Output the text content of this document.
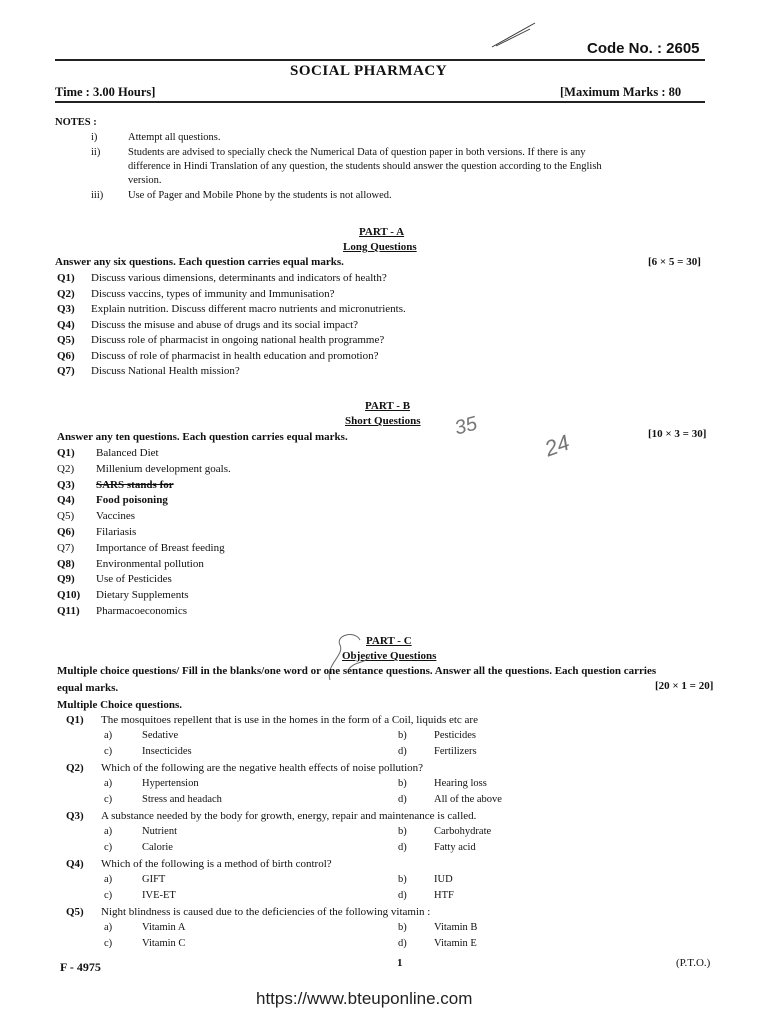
Code No. : 2605
SOCIAL PHARMACY
Time : 3.00 Hours]	[Maximum Marks : 80
NOTES :
i)	Attempt all questions.
ii)	Students are advised to specially check the Numerical Data of question paper in both versions. If there is any
difference in Hindi Translation of any question, the students should answer the question according to the English
version.
iii) Use of Pager and Mobile Phone by the students is not allowed.
PART - A
Long Questions
Answer any six questions. Each question carries equal marks.	[6 × 5 = 30]
Q1) Discuss various dimensions, determinants and indicators of health?
Q2) Discuss vaccins, types of immunity and Immunisation?
Q3) Explain nutrition. Discuss different macro nutrients and micronutrients.
Q4) Discuss the misuse and abuse of drugs and its social impact?
Q5) Discuss role of pharmacist in ongoing national health programme?
Q6) Discuss of role of pharmacist in health education and promotion?
Q7) Discuss National Health mission?
PART - B
Short Questions
Answer any ten questions. Each question carries equal marks.	[10 × 3 = 30]
35
24
Q1) Balanced Diet
Q2) Millenium development goals.
Q3) SARS stands for
Q4) Food poisoning
Q5) Vaccines
Q6) Filariasis
Q7) Importance of Breast feeding
Q8) Environmental pollution
Q9) Use of Pesticides
Q10) Dietary Supplements
Q11) Pharmacoeconomics
PART - C
Objective Questions
Multiple choice questions/ Fill in the blanks/one word or one sentance questions. Answer all the questions. Each question carries
equal marks.	[20 × 1 = 20]
Multiple Choice questions.
Q1) The mosquitoes repellent that is use in the homes in the form of a Coil, liquids etc are
a)	Sedative	b)	Pesticides
c)	Insecticides	d)	Fertilizers
Q2) Which of the following are the negative health effects of noise pollution?
a)	Hypertension	b)	Hearing loss
c)	Stress and headach	d)	All of the above
Q3) A substance needed by the body for growth, energy, repair and maintenance is called.
a)	Nutrient	b)	Carbohydrate
c)	Calorie	d)	Fatty acid
Q4) Which of the following is a method of birth control?
a)	GIFT	b)	IUD
c)	IVE-ET	d)	HTF
Q5) Night blindness is caused due to the deficiencies of the following vitamin :
a)	Vitamin A	b)	Vitamin B
c)	Vitamin C	d)	Vitamin E
F - 4975	1	(P.T.O.)
https://www.bteuponline.com
